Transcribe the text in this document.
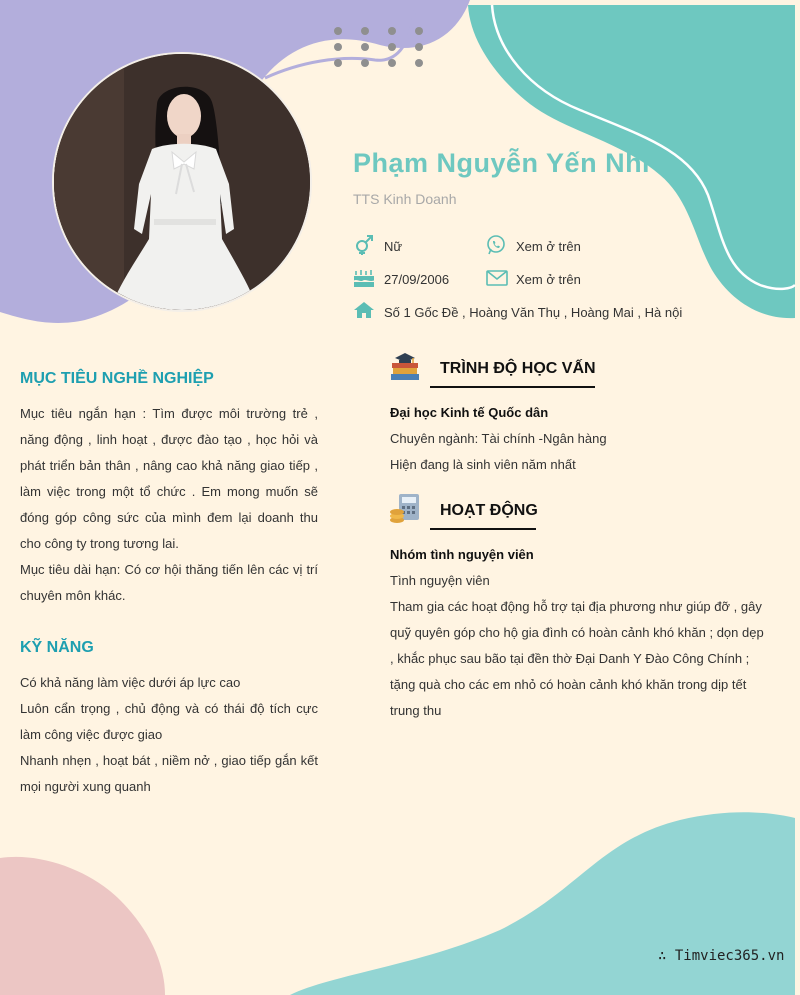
Phạm Nguyễn Yến Nhi
TTS Kinh Doanh
Nữ	Xem ở trên
27/09/2006	Xem ở trên
Số 1 Gốc Đề , Hoàng Văn Thụ , Hoàng Mai , Hà nội
MỤC TIÊU NGHỀ NGHIỆP

Mục tiêu ngắn hạn : Tìm được môi trường trẻ , năng động , linh hoạt , được đào tạo , học hỏi và phát triển bản thân , nâng cao khả năng giao tiếp , làm việc trong một tổ chức . Em mong muốn sẽ đóng góp công sức của mình đem lại doanh thu cho công ty trong tương lai.

Mục tiêu dài hạn: Có cơ hội thăng tiến lên các vị trí chuyên môn khác.

KỸ NĂNG

Có khả năng làm việc dưới áp lực cao

Luôn cẩn trọng , chủ động và có thái độ tích cực làm công việc được giao

Nhanh nhẹn , hoạt bát , niềm nở , giao tiếp gắn kết mọi người xung quanh

TRÌNH ĐỘ HỌC VẤN

Đại học Kinh tế Quốc dân

Chuyên ngành: Tài chính -Ngân hàng

Hiện đang là sinh viên năm nhất

HOẠT ĐỘNG

Nhóm tình nguyện viên

Tình nguyện viên

Tham gia các hoạt động hỗ trợ tại địa phương như giúp đỡ , gây quỹ quyên góp cho hộ gia đình có hoàn cảnh khó khăn ; dọn dẹp , khắc phục sau bão tại đền thờ Đại Danh Y Đào Công Chính ; tặng quà cho các em nhỏ có hoàn cảnh khó khăn trong dịp tết trung thu

∴ Timviec365.vn
